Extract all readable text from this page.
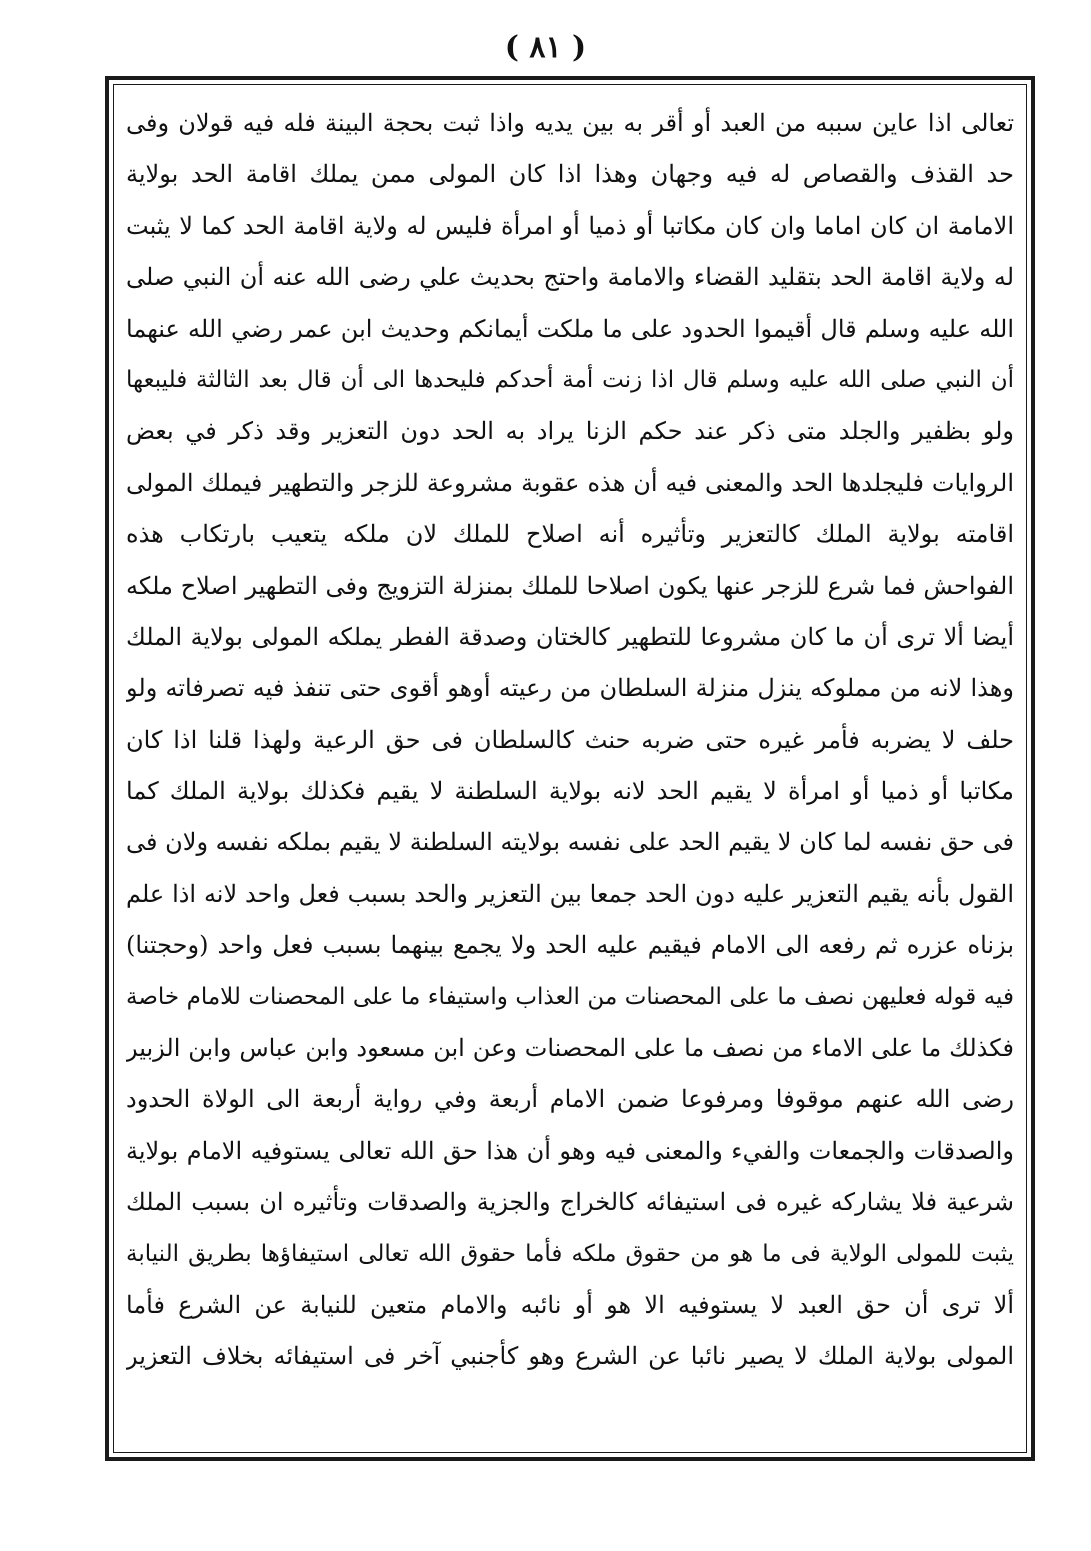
( ٨١ )
تعالى اذا عاين سببه من العبد أو أقر به بين يديه واذا ثبت بحجة البينة فله فيه قولان وفى
حد القذف والقصاص له فيه وجهان وهذا اذا كان المولى ممن يملك اقامة الحد بولاية
الامامة ان كان اماما وان كان مكاتبا أو ذميا أو امرأة فليس له ولاية اقامة الحد كما لا يثبت
له ولاية اقامة الحد بتقليد القضاء والامامة واحتج بحديث علي رضى الله عنه أن النبي صلى
الله عليه وسلم قال أقيموا الحدود على ما ملكت أيمانكم وحديث ابن عمر رضي الله عنهما
أن النبي صلى الله عليه وسلم قال اذا زنت أمة أحدكم فليحدها الى أن قال بعد الثالثة فليبعها
ولو بظفير والجلد متى ذكر عند حكم الزنا يراد به الحد دون التعزير وقد ذكر في بعض
الروايات فليجلدها الحد والمعنى فيه أن هذه عقوبة مشروعة للزجر والتطهير فيملك المولى
اقامته بولاية الملك كالتعزير وتأثيره أنه اصلاح للملك لان ملكه يتعيب بارتكاب هذه
الفواحش فما شرع للزجر عنها يكون اصلاحا للملك بمنزلة التزويج وفى التطهير اصلاح ملكه
أيضا ألا ترى أن ما كان مشروعا للتطهير كالختان وصدقة الفطر يملكه المولى بولاية الملك
وهذا لانه من مملوكه ينزل منزلة السلطان من رعيته أوهو أقوى حتى تنفذ فيه تصرفاته ولو
حلف لا يضربه فأمر غيره حتى ضربه حنث كالسلطان فى حق الرعية ولهذا قلنا اذا كان
مكاتبا أو ذميا أو امرأة لا يقيم الحد لانه بولاية السلطنة لا يقيم فكذلك بولاية الملك كما
فى حق نفسه لما كان لا يقيم الحد على نفسه بولايته السلطنة لا يقيم بملكه نفسه ولان فى
القول بأنه يقيم التعزير عليه دون الحد جمعا بين التعزير والحد بسبب فعل واحد لانه اذا علم
بزناه عزره ثم رفعه الى الامام فيقيم عليه الحد ولا يجمع بينهما بسبب فعل واحد (وحجتنا)
فيه قوله فعليهن نصف ما على المحصنات من العذاب واستيفاء ما على المحصنات للامام خاصة
فكذلك ما على الاماء من نصف ما على المحصنات وعن ابن مسعود وابن عباس وابن الزبير
رضى الله عنهم موقوفا ومرفوعا ضمن الامام أربعة وفي رواية أربعة الى الولاة الحدود
والصدقات والجمعات والفيء والمعنى فيه وهو أن هذا حق الله تعالى يستوفيه الامام بولاية
شرعية فلا يشاركه غيره فى استيفائه كالخراج والجزية والصدقات وتأثيره ان بسبب الملك
يثبت للمولى الولاية فى ما هو من حقوق ملكه فأما حقوق الله تعالى استيفاؤها بطريق النيابة
ألا ترى أن حق العبد لا يستوفيه الا هو أو نائبه والامام متعين للنيابة عن الشرع فأما
المولى بولاية الملك لا يصير نائبا عن الشرع وهو كأجنبي آخر فى استيفائه بخلاف التعزير
